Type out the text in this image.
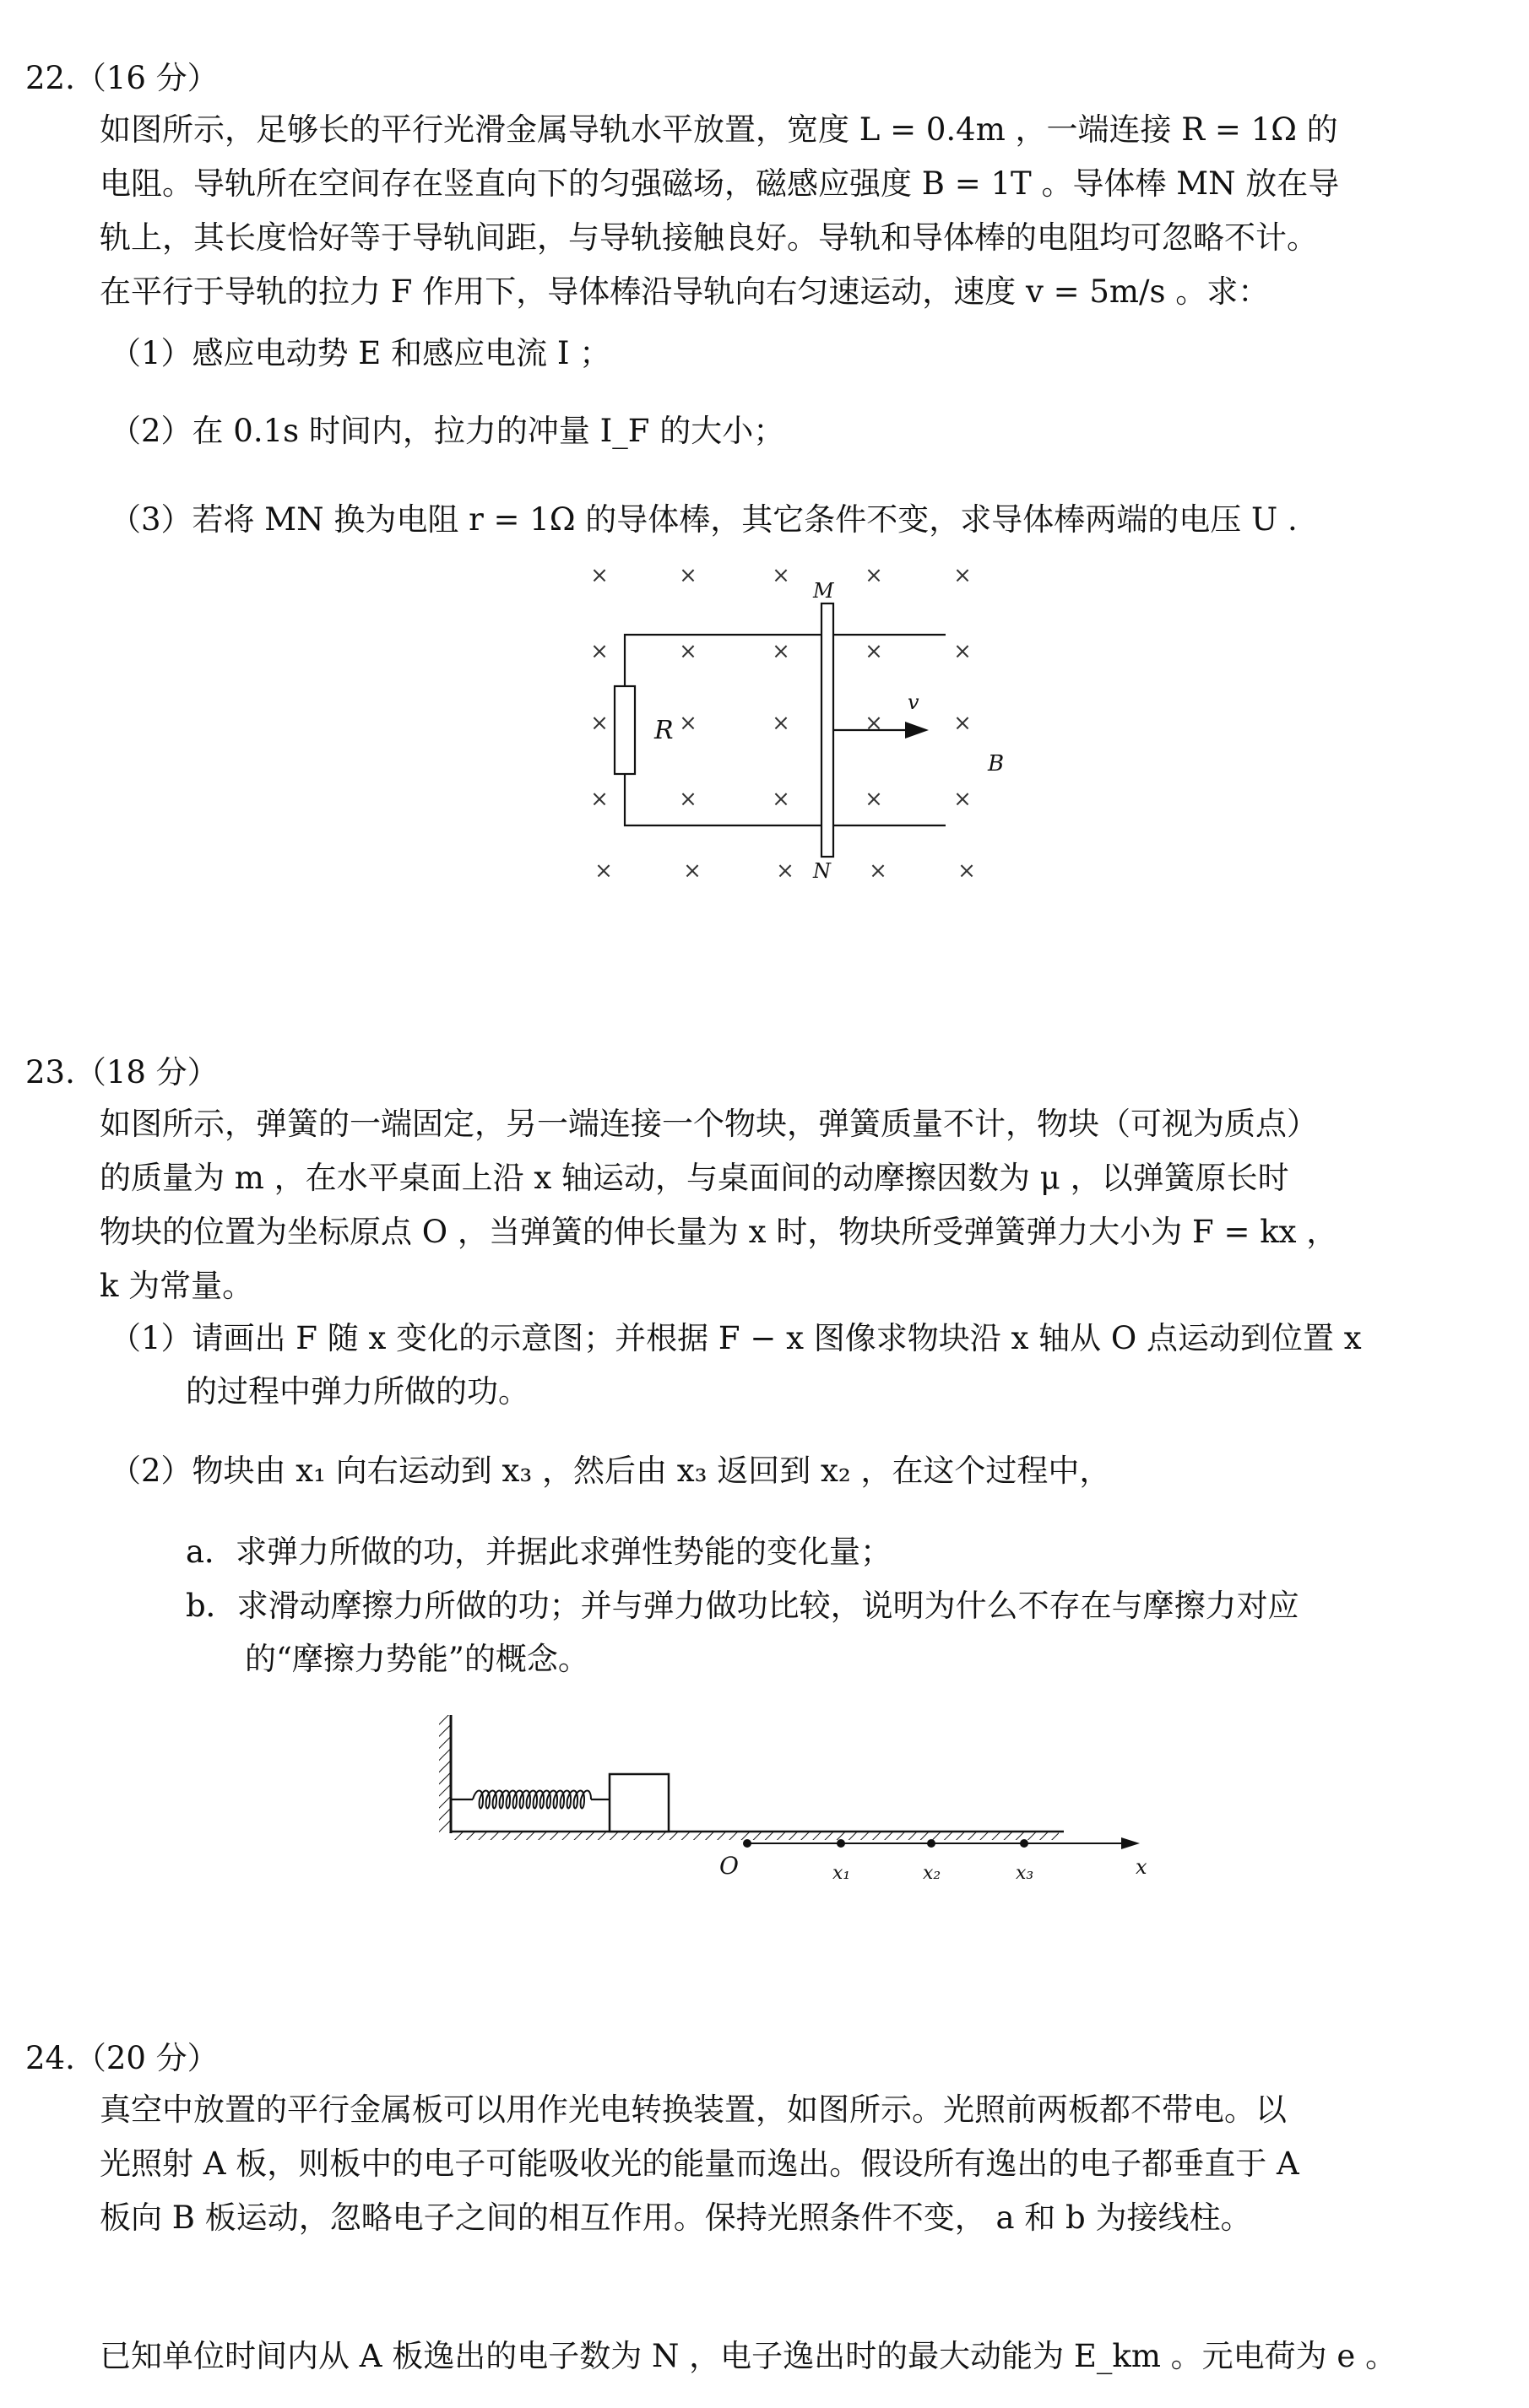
22.（16 分）
如图所示，足够长的平行光滑金属导轨水平放置，宽度 L = 0.4m ，一端连接 R = 1Ω 的
电阻。导轨所在空间存在竖直向下的匀强磁场，磁感应强度 B = 1T 。导体棒 MN 放在导
轨上，其长度恰好等于导轨间距，与导轨接触良好。导轨和导体棒的电阻均可忽略不计。
在平行于导轨的拉力 F 作用下，导体棒沿导轨向右匀速运动，速度 v = 5m/s 。求：
（1）感应电动势 E 和感应电流 I ；
（2）在 0.1s 时间内，拉力的冲量 I_F 的大小；
（3）若将 MN 换为电阻 r = 1Ω 的导体棒，其它条件不变，求导体棒两端的电压 U .
×	×	×	×	×
×	×	×	×	×
×	×	×	×	×
×	×	×	×	×
×	×	×	×	×
R
M
N
v
B
23.（18 分）
如图所示，弹簧的一端固定，另一端连接一个物块，弹簧质量不计，物块（可视为质点）
的质量为 m ，在水平桌面上沿 x 轴运动，与桌面间的动摩擦因数为 μ ，以弹簧原长时
物块的位置为坐标原点 O ，当弹簧的伸长量为 x 时，物块所受弹簧弹力大小为 F = kx ，
k 为常量。
（1）请画出 F 随 x 变化的示意图；并根据 F − x 图像求物块沿 x 轴从 O 点运动到位置 x
的过程中弹力所做的功。
（2）物块由 x₁ 向右运动到 x₃ ，然后由 x₃ 返回到 x₂ ，在这个过程中，
a．求弹力所做的功，并据此求弹性势能的变化量；
b．求滑动摩擦力所做的功；并与弹力做功比较，说明为什么不存在与摩擦力对应
的“摩擦力势能”的概念。
O	x₁	x₂	x₃	x
24.（20 分）
真空中放置的平行金属板可以用作光电转换装置，如图所示。光照前两板都不带电。以
光照射 A 板，则板中的电子可能吸收光的能量而逸出。假设所有逸出的电子都垂直于 A
板向 B 板运动，忽略电子之间的相互作用。保持光照条件不变， a 和 b 为接线柱。
已知单位时间内从 A 板逸出的电子数为 N ，电子逸出时的最大动能为 E_km 。元电荷为 e 。
